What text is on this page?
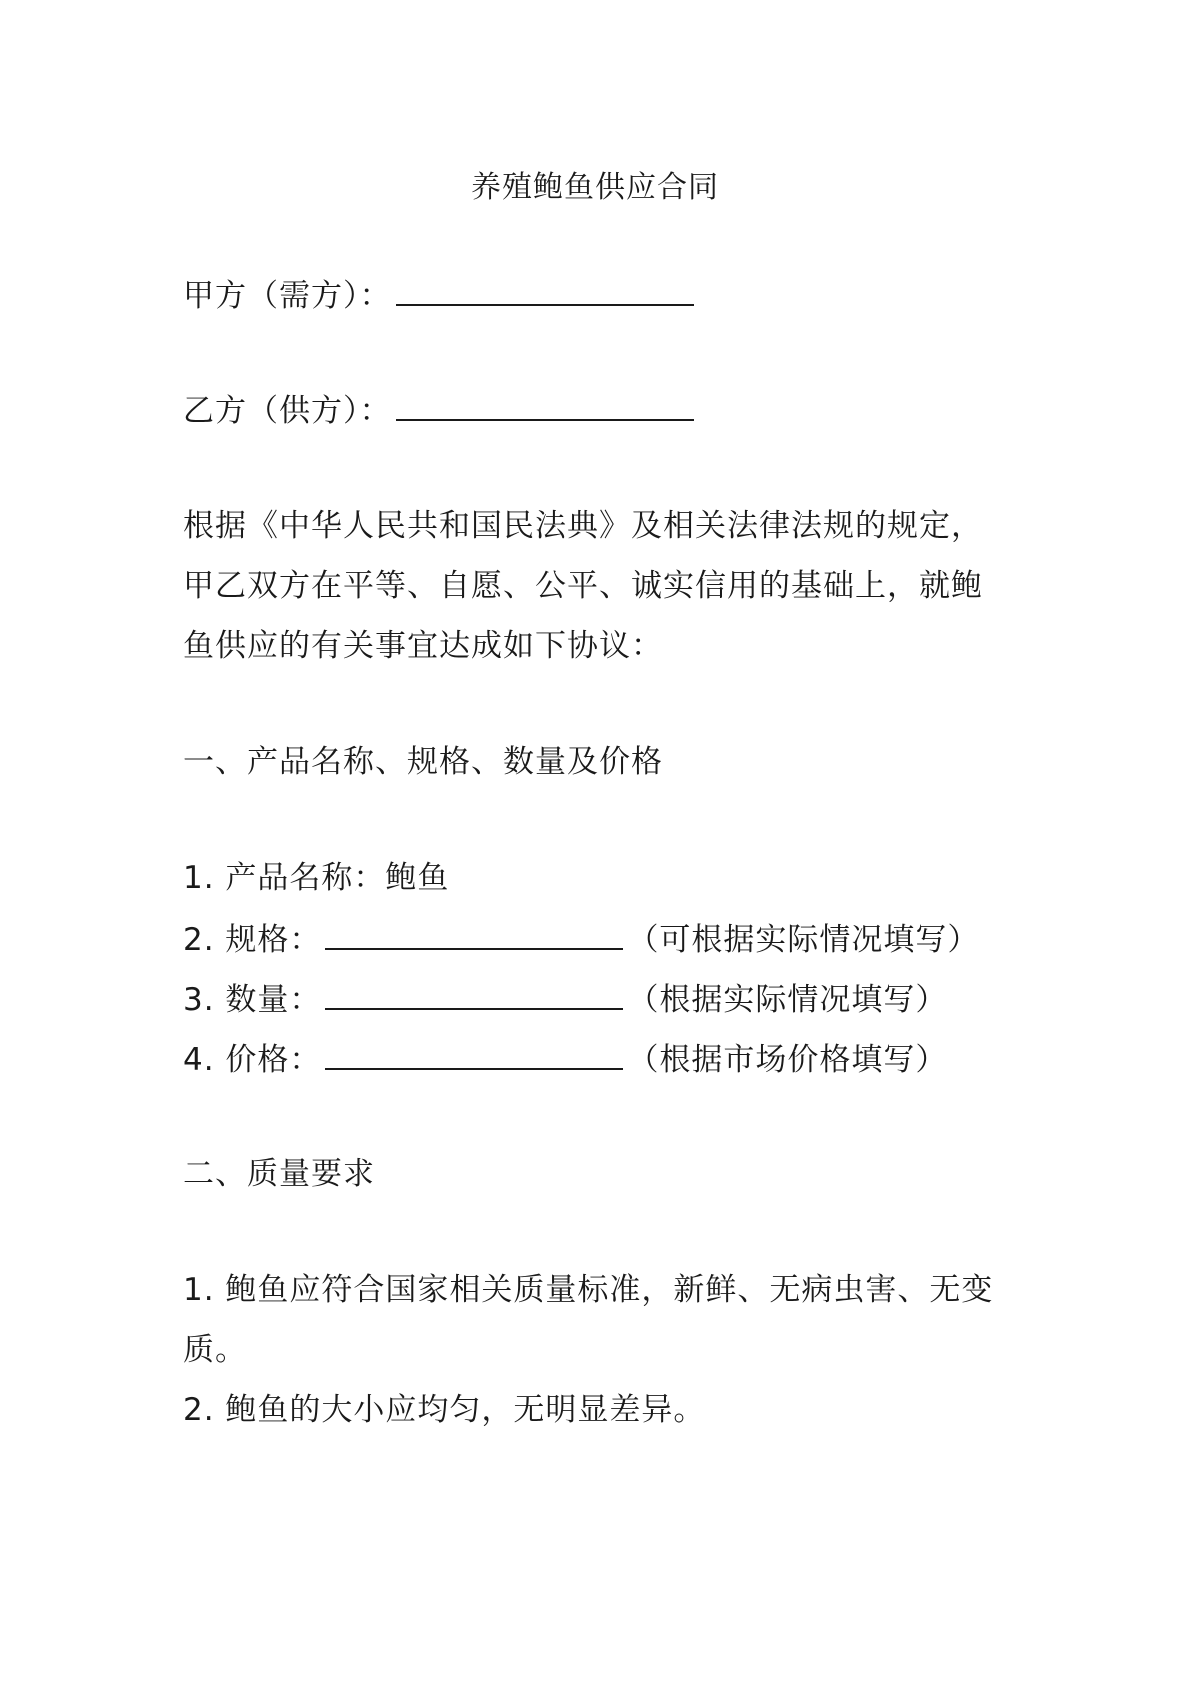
养殖鲍鱼供应合同
甲方（需方）：
乙方（供方）：
根据《中华人民共和国民法典》及相关法律法规的规定，
甲乙双方在平等、自愿、公平、诚实信用的基础上，就鲍
鱼供应的有关事宜达成如下协议：
一、产品名称、规格、数量及价格
1. 产品名称：鲍鱼
2. 规格：	（可根据实际情况填写）
3. 数量：	（根据实际情况填写）
4. 价格：	（根据市场价格填写）
二、质量要求
1. 鲍鱼应符合国家相关质量标准，新鲜、无病虫害、无变
质。
2. 鲍鱼的大小应均匀，无明显差异。
